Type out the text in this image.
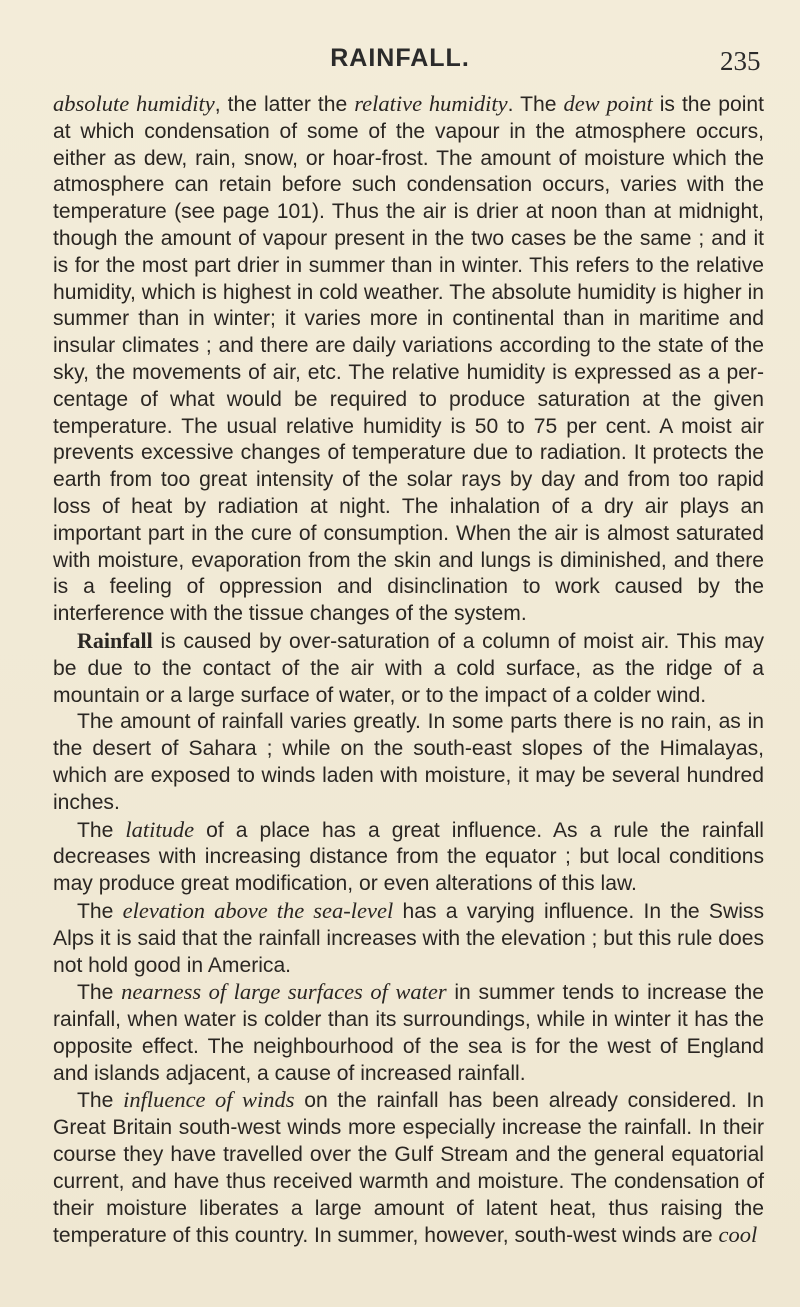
RAINFALL.	235

absolute humidity, the latter the relative humidity. The dew point is the point at which condensation of some of the vapour in the atmosphere occurs, either as dew, rain, snow, or hoar-frost. The amount of moisture which the atmosphere can retain before such condensation occurs, varies with the temperature (see page 101). Thus the air is drier at noon than at midnight, though the amount of vapour present in the two cases be the same ; and it is for the most part drier in summer than in winter. This refers to the relative humidity, which is highest in cold weather. The absolute humidity is higher in summer than in winter; it varies more in continental than in maritime and insular climates ; and there are daily variations according to the state of the sky, the movements of air, etc. The relative humidity is expressed as a per-centage of what would be required to produce saturation at the given temperature. The usual relative humidity is 50 to 75 per cent. A moist air prevents excessive changes of temperature due to radiation. It protects the earth from too great intensity of the solar rays by day and from too rapid loss of heat by radiation at night. The inhalation of a dry air plays an important part in the cure of consumption. When the air is almost saturated with moisture, evaporation from the skin and lungs is diminished, and there is a feeling of oppression and disinclination to work caused by the interference with the tissue changes of the system.

Rainfall is caused by over-saturation of a column of moist air. This may be due to the contact of the air with a cold surface, as the ridge of a mountain or a large surface of water, or to the impact of a colder wind.

The amount of rainfall varies greatly. In some parts there is no rain, as in the desert of Sahara ; while on the south-east slopes of the Himalayas, which are exposed to winds laden with moisture, it may be several hundred inches.

The latitude of a place has a great influence. As a rule the rainfall decreases with increasing distance from the equator ; but local conditions may produce great modification, or even alterations of this law.

The elevation above the sea-level has a varying influence. In the Swiss Alps it is said that the rainfall increases with the elevation ; but this rule does not hold good in America.

The nearness of large surfaces of water in summer tends to increase the rainfall, when water is colder than its surroundings, while in winter it has the opposite effect. The neighbourhood of the sea is for the west of England and islands adjacent, a cause of increased rainfall.

The influence of winds on the rainfall has been already considered. In Great Britain south-west winds more especially increase the rainfall. In their course they have travelled over the Gulf Stream and the general equatorial current, and have thus received warmth and moisture. The condensation of their moisture liberates a large amount of latent heat, thus raising the temperature of this country. In summer, however, south-west winds are cool
